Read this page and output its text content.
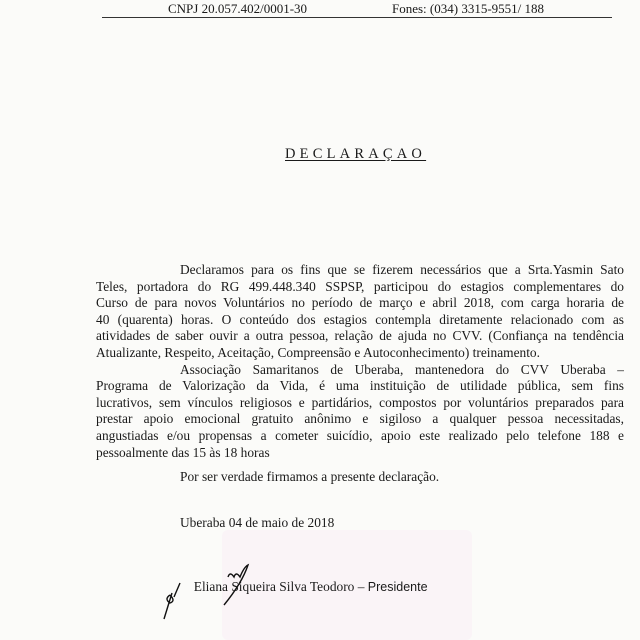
CNPJ 20.057.402/0001-30	Fones: (034) 3315-9551/ 188
DECLARAÇAO
Declaramos para os fins que se fizerem necessários que a Srta.Yasmin Sato
Teles, portadora do RG 499.448.340 SSPSP, participou do estagios complementares do
Curso de para novos Voluntários no período de março e abril 2018, com carga horaria de
40 (quarenta) horas. O conteúdo dos estagios contempla diretamente relacionado com as
atividades de saber ouvir a outra pessoa, relação de ajuda no CVV. (Confiança na tendência
Atualizante, Respeito, Aceitação, Compreensão e Autoconhecimento) treinamento.
Associação Samaritanos de Uberaba, mantenedora do CVV Uberaba –
Programa de Valorização da Vida, é uma instituição de utilidade pública, sem fins
lucrativos, sem vínculos religiosos e partidários, compostos por voluntários preparados para
prestar apoio emocional gratuito anônimo e sigiloso a qualquer pessoa necessitadas,
angustiadas e/ou propensas a cometer suicídio, apoio este realizado pelo telefone 188 e
pessoalmente das 15 às 18 horas
Por ser verdade firmamos a presente declaração.
Uberaba 04 de maio de 2018
Eliana Siqueira Silva Teodoro – Presidente
